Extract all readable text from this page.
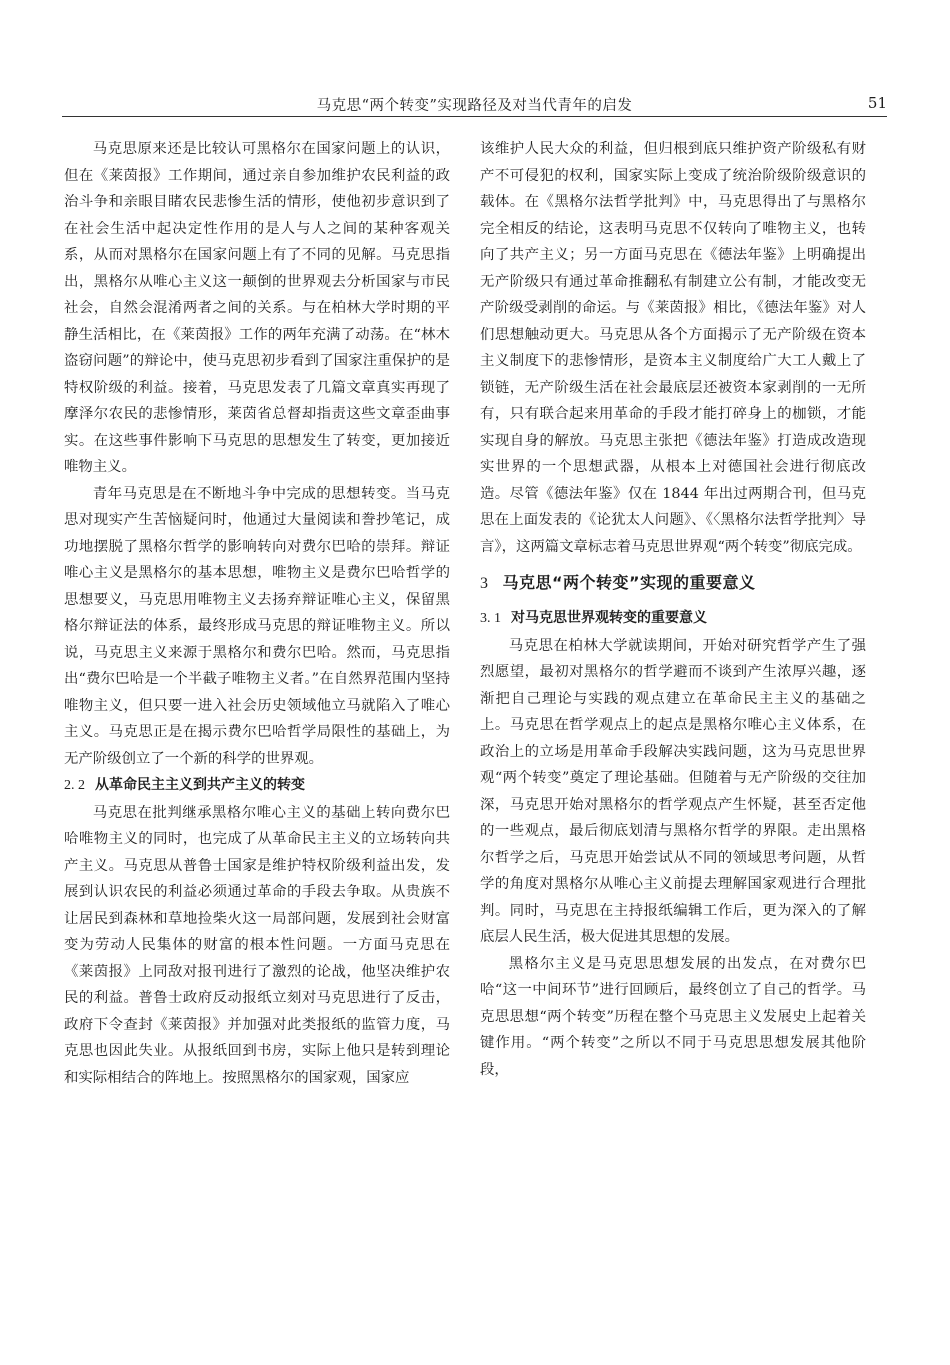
马克思“两个转变”实现路径及对当代青年的启发	51

马克思原来还是比较认可黑格尔在国家问题上的认识，但在《莱茵报》工作期间，通过亲自参加维护农民利益的政治斗争和亲眼目睹农民悲惨生活的情形，使他初步意识到了在社会生活中起决定性作用的是人与人之间的某种客观关系，从而对黑格尔在国家问题上有了不同的见解。马克思指出，黑格尔从唯心主义这一颠倒的世界观去分析国家与市民社会，自然会混淆两者之间的关系。与在柏林大学时期的平静生活相比，在《莱茵报》工作的两年充满了动荡。在“林木盗窃问题”的辩论中，使马克思初步看到了国家注重保护的是特权阶级的利益。接着，马克思发表了几篇文章真实再现了摩泽尔农民的悲惨情形，莱茵省总督却指责这些文章歪曲事实。在这些事件影响下马克思的思想发生了转变，更加接近唯物主义。

青年马克思是在不断地斗争中完成的思想转变。当马克思对现实产生苦恼疑问时，他通过大量阅读和誊抄笔记，成功地摆脱了黑格尔哲学的影响转向对费尔巴哈的崇拜。辩证唯心主义是黑格尔的基本思想，唯物主义是费尔巴哈哲学的思想要义，马克思用唯物主义去扬弃辩证唯心主义，保留黑格尔辩证法的体系，最终形成马克思的辩证唯物主义。所以说，马克思主义来源于黑格尔和费尔巴哈。然而，马克思指出“费尔巴哈是一个半截子唯物主义者。”在自然界范围内坚持唯物主义，但只要一进入社会历史领域他立马就陷入了唯心主义。马克思正是在揭示费尔巴哈哲学局限性的基础上，为无产阶级创立了一个新的科学的世界观。

2. 2 从革命民主主义到共产主义的转变

马克思在批判继承黑格尔唯心主义的基础上转向费尔巴哈唯物主义的同时，也完成了从革命民主主义的立场转向共产主义。马克思从普鲁士国家是维护特权阶级利益出发，发展到认识农民的利益必须通过革命的手段去争取。从贵族不让居民到森林和草地捡柴火这一局部问题，发展到社会财富变为劳动人民集体的财富的根本性问题。一方面马克思在《莱茵报》上同敌对报刊进行了激烈的论战，他坚决维护农民的利益。普鲁士政府反动报纸立刻对马克思进行了反击，政府下令查封《莱茵报》并加强对此类报纸的监管力度，马克思也因此失业。从报纸回到书房，实际上他只是转到理论和实际相结合的阵地上。按照黑格尔的国家观，国家应

该维护人民大众的利益，但归根到底只维护资产阶级私有财产不可侵犯的权利，国家实际上变成了统治阶级阶级意识的载体。在《黑格尔法哲学批判》中，马克思得出了与黑格尔完全相反的结论，这表明马克思不仅转向了唯物主义，也转向了共产主义；另一方面马克思在《德法年鉴》上明确提出无产阶级只有通过革命推翻私有制建立公有制，才能改变无产阶级受剥削的命运。与《莱茵报》相比，《德法年鉴》对人们思想触动更大。马克思从各个方面揭示了无产阶级在资本主义制度下的悲惨情形，是资本主义制度给广大工人戴上了锁链，无产阶级生活在社会最底层还被资本家剥削的一无所有，只有联合起来用革命的手段才能打碎身上的枷锁，才能实现自身的解放。马克思主张把《德法年鉴》打造成改造现实世界的一个思想武器，从根本上对德国社会进行彻底改造。尽管《德法年鉴》仅在 1844 年出过两期合刊，但马克思在上面发表的《论犹太人问题》、《〈黑格尔法哲学批判〉导言》，这两篇文章标志着马克思世界观“两个转变”彻底完成。

3 马克思“两个转变”实现的重要意义
3. 1 对马克思世界观转变的重要意义

马克思在柏林大学就读期间，开始对研究哲学产生了强烈愿望，最初对黑格尔的哲学避而不谈到产生浓厚兴趣，逐渐把自己理论与实践的观点建立在革命民主主义的基础之上。马克思在哲学观点上的起点是黑格尔唯心主义体系，在政治上的立场是用革命手段解决实践问题，这为马克思世界观“两个转变”奠定了理论基础。但随着与无产阶级的交往加深，马克思开始对黑格尔的哲学观点产生怀疑，甚至否定他的一些观点，最后彻底划清与黑格尔哲学的界限。走出黑格尔哲学之后，马克思开始尝试从不同的领域思考问题，从哲学的角度对黑格尔从唯心主义前提去理解国家观进行合理批判。同时，马克思在主持报纸编辑工作后，更为深入的了解底层人民生活，极大促进其思想的发展。

黑格尔主义是马克思思想发展的出发点，在对费尔巴哈“这一中间环节”进行回顾后，最终创立了自己的哲学。马克思思想“两个转变”历程在整个马克思主义发展史上起着关键作用。“两个转变”之所以不同于马克思思想发展其他阶段，
